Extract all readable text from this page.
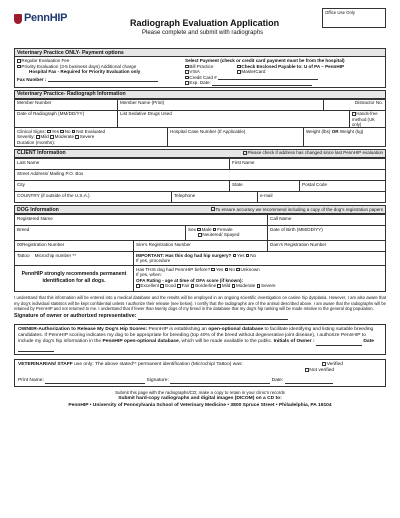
PennHIP	Radiograph Evaluation Application
Please complete and submit with radiographs
Office Use Only
Veterinary Practice ONLY- Payment options
Regular Evaluation Fee
Priority Evaluation (3-5 business days) Additional charge
Hospital Fax - Required for Priority Evaluation only
Fax Number :
Select Payment (check or credit card payment must be from the hospital)
Bill Practice	Check Enclosed Payable to: U of PA – PennHIP
VISA	MasterCard
Credit Card #
Exp. Date:
Veterinary Practice- Radiograph Information
Member Number	Member Name (Print)	Distractor No.
Date of Radiograph (MM/DD/YY)	List Sedative Drugs Used	Hands-free method (UK only)
Clinical Signs: Yes No Not Evaluated
Severity: Mild Moderate Severe
Duration (months):
Hospital Case Number (If Applicable)	Weight (lbs) OR Weight (kg)
CLIENT Information	Please check if address has changed since last PennHIP evaluation
Last Name	First Name
Street Address/ Mailing P.O. Box
City	State	Postal Code
COUNTRY (if outside of the U.S.A.)	Telephone	e-mail
DOG Information	To ensure accuracy we recommend including a copy of the dog’s registration papers
Registered Name	Call Name
Breed	Sex Male Female
Neutered/ Spayed
Date of Birth (MM/DD/YY)
00Registration Number	Sire’s Registration Number	Dam’s Registration Number
Tattoo Microchip number **	IMPORTANT: Has this dog had hip surgery? Yes No
If yes, procedure
PennHIP strongly recommends permanent identification for all dogs.
Has THIS dog had PennHIP before? Yes No Unknown
If yes, when:
OFA Rating - age at time of OFA score (if known):
Excellent Good Fair Borderline Mild Moderate Severe
I understand that this information will be entered into a medical database and the results will be employed in an ongoing scientific investigation on canine hip dysplasia. However, I am also aware that my dog’s individual statistics will be kept confidential unless I authorize their release (see below). I certify that the radiographs are of the animal described above. I am aware that the radiographs will be retained by PennHIP and not returned to me. I understand that if fewer than twenty dogs of my breed in the database that my dog’s hip ranking will be made relative to the general dog population.
Signature of owner or authorized representative:
OWNER-Authorization to Release My Dog’s Hip Scores: PennHIP is establishing an open-optional database to facilitate identifying and listing suitable breeding candidates. If PennHIP scoring indicates my dog to be appropriate for breeding (top 40% of the breed without degenerative joint disease), I authorize PennHIP to include my dog’s hip information in the PennHIP open-optional database, which will be made available to the public. Initials of Owner :	Date
VETERINARIAN/ STAFF use only: The above stated** permanent identification (Microchip/ Tattoo) was:	Verified
Not verified
Print Name:	Signature:	Date:
Submit this page with the radiographs/CD; make a copy to retain in your clinic’s records
Submit hard-copy radiographs and digital images (DICOM) on a CD to:
PennHIP • University of Pennsylvania School of Veterinary Medicine • 3800 Spruce Street • Philadelphia, PA 19104
